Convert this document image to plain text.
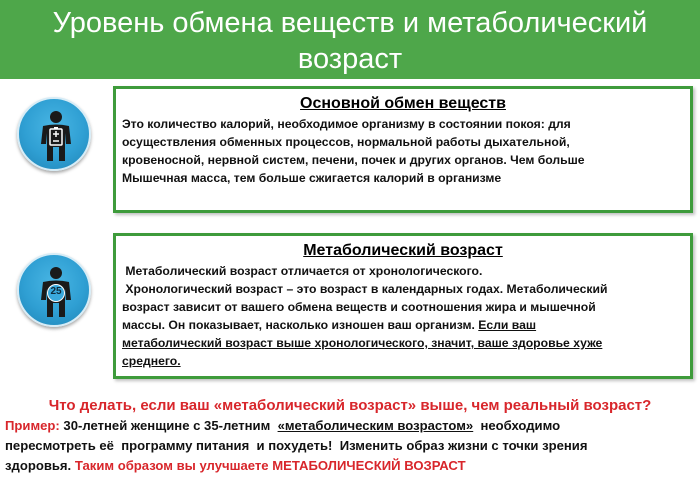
Уровень обмена веществ и метаболический
возраст
Основной обмен веществ
Это количество калорий, необходимое организму в состоянии покоя: для
осуществления обменных процессов, нормальной работы дыхательной,
кровеносной, нервной систем, печени, почек и других органов. Чем больше
Мышечная масса, тем больше сжигается калорий в организме
25
Метаболический возраст
Метаболический возраст отличается от хронологического.
Хронологический возраст – это возраст в календарных годах. Метаболический
возраст зависит от вашего обмена веществ и соотношения жира и мышечной
массы. Он показывает, насколько изношен ваш организм. Если ваш
метаболический возраст выше хронологического, значит, ваше здоровье хуже
среднего.
Что делать, если ваш «метаболический возраст» выше, чем реальный возраст?
Пример: 30-летней женщине с 35-летним  «метаболическим возрастом»  необходимо
пересмотреть её  программу питания  и похудеть!  Изменить образ жизни с точки зрения
здоровья. Таким образом вы улучшаете МЕТАБОЛИЧЕСКИЙ ВОЗРАСТ
